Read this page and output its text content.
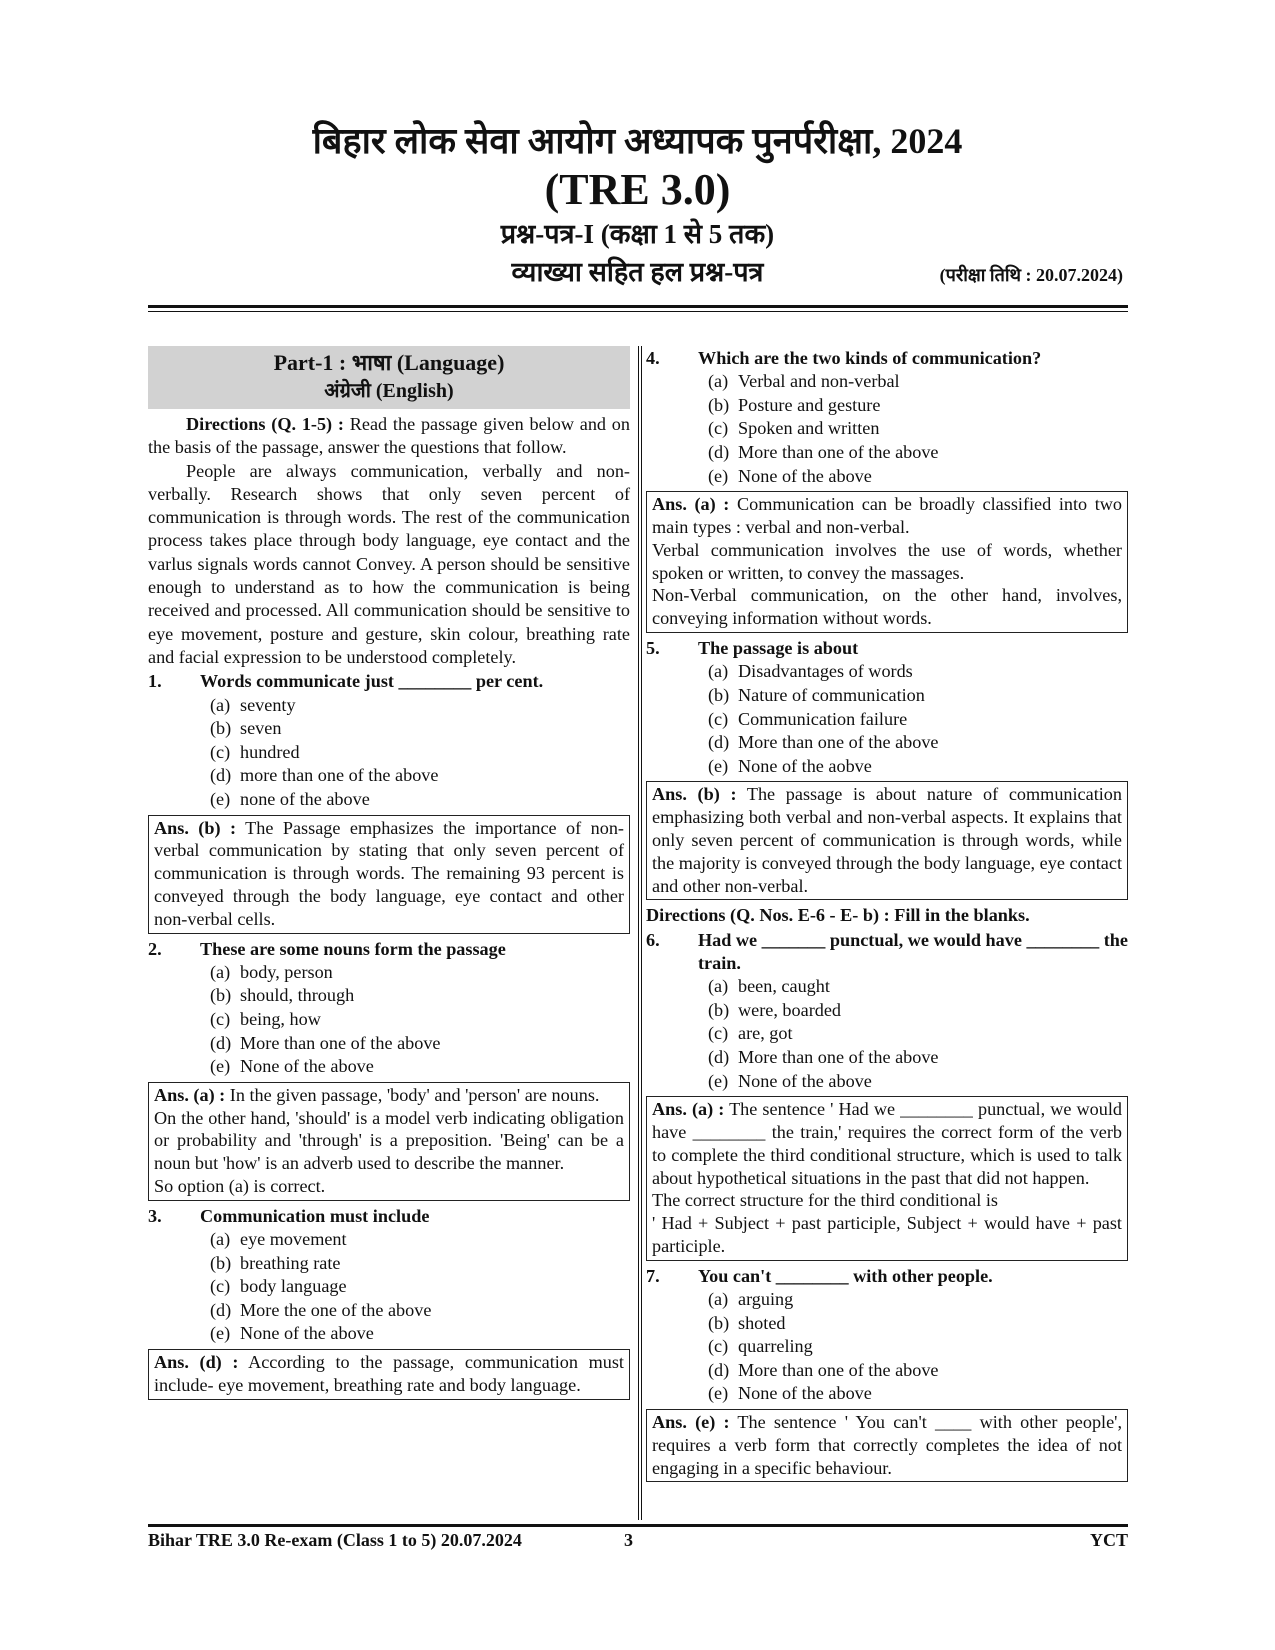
बिहार लोक सेवा आयोग अध्यापक पुनर्परीक्षा, 2024
(TRE 3.0)
प्रश्न-पत्र-I (कक्षा 1 से 5 तक)
व्याख्या सहित हल प्रश्न-पत्र	(परीक्षा तिथि : 20.07.2024)
Part-1 : भाषा (Language)
अंग्रेजी (English)
Directions (Q. 1-5) : Read the passage given below and on the basis of the passage, answer the questions that follow.
People are always communication, verbally and non-verbally. Research shows that only seven percent of communication is through words. The rest of the communication process takes place through body language, eye contact and the varlus signals words cannot Convey. A person should be sensitive enough to understand as to how the communication is being received and processed. All communication should be sensitive to eye movement, posture and gesture, skin colour, breathing rate and facial expression to be understood completely.
1.	Words communicate just ________ per cent.
(a) seventy
(b) seven
(c) hundred
(d) more than one of the above
(e) none of the above
Ans. (b) : The Passage emphasizes the importance of non-verbal communication by stating that only seven percent of communication is through words. The remaining 93 percent is conveyed through the body language, eye contact and other non-verbal cells.
2.	These are some nouns form the passage
(a) body, person
(b) should, through
(c) being, how
(d) More than one of the above
(e) None of the above
Ans. (a) : In the given passage, 'body' and 'person' are nouns.
On the other hand, 'should' is a model verb indicating obligation or probability and 'through' is a preposition. 'Being' can be a noun but 'how' is an adverb used to describe the manner.
So option (a) is correct.
3.	Communication must include
(a) eye movement
(b) breathing rate
(c) body language
(d) More the one of the above
(e) None of the above
Ans. (d) : According to the passage, communication must include- eye movement, breathing rate and body language.
4.	Which are the two kinds of communication?
(a) Verbal and non-verbal
(b) Posture and gesture
(c) Spoken and written
(d) More than one of the above
(e) None of the above
Ans. (a) : Communication can be broadly classified into two main types : verbal and non-verbal.
Verbal communication involves the use of words, whether spoken or written, to convey the massages.
Non-Verbal communication, on the other hand, involves, conveying information without words.
5.	The passage is about
(a) Disadvantages of words
(b) Nature of communication
(c) Communication failure
(d) More than one of the above
(e) None of the aobve
Ans. (b) : The passage is about nature of communication emphasizing both verbal and non-verbal aspects. It explains that only seven percent of communication is through words, while the majority is conveyed through the body language, eye contact and other non-verbal.
Directions (Q. Nos. E-6 - E- b) : Fill in the blanks.
6.	Had we _______ punctual, we would have ________ the train.
(a) been, caught
(b) were, boarded
(c) are, got
(d) More than one of the above
(e) None of the above
Ans. (a) : The sentence ' Had we ________ punctual, we would have ________ the train,' requires the correct form of the verb to complete the third conditional structure, which is used to talk about hypothetical situations in the past that did not happen.
The correct structure for the third conditional is
' Had + Subject + past participle, Subject + would have + past participle.
7.	You can't ________ with other people.
(a) arguing
(b) shoted
(c) quarreling
(d) More than one of the above
(e) None of the above
Ans. (e) : The sentence ' You can't ____ with other people', requires a verb form that correctly completes the idea of not engaging in a specific behaviour.
Bihar TRE 3.0 Re-exam (Class 1 to 5) 20.07.2024	3	YCT
